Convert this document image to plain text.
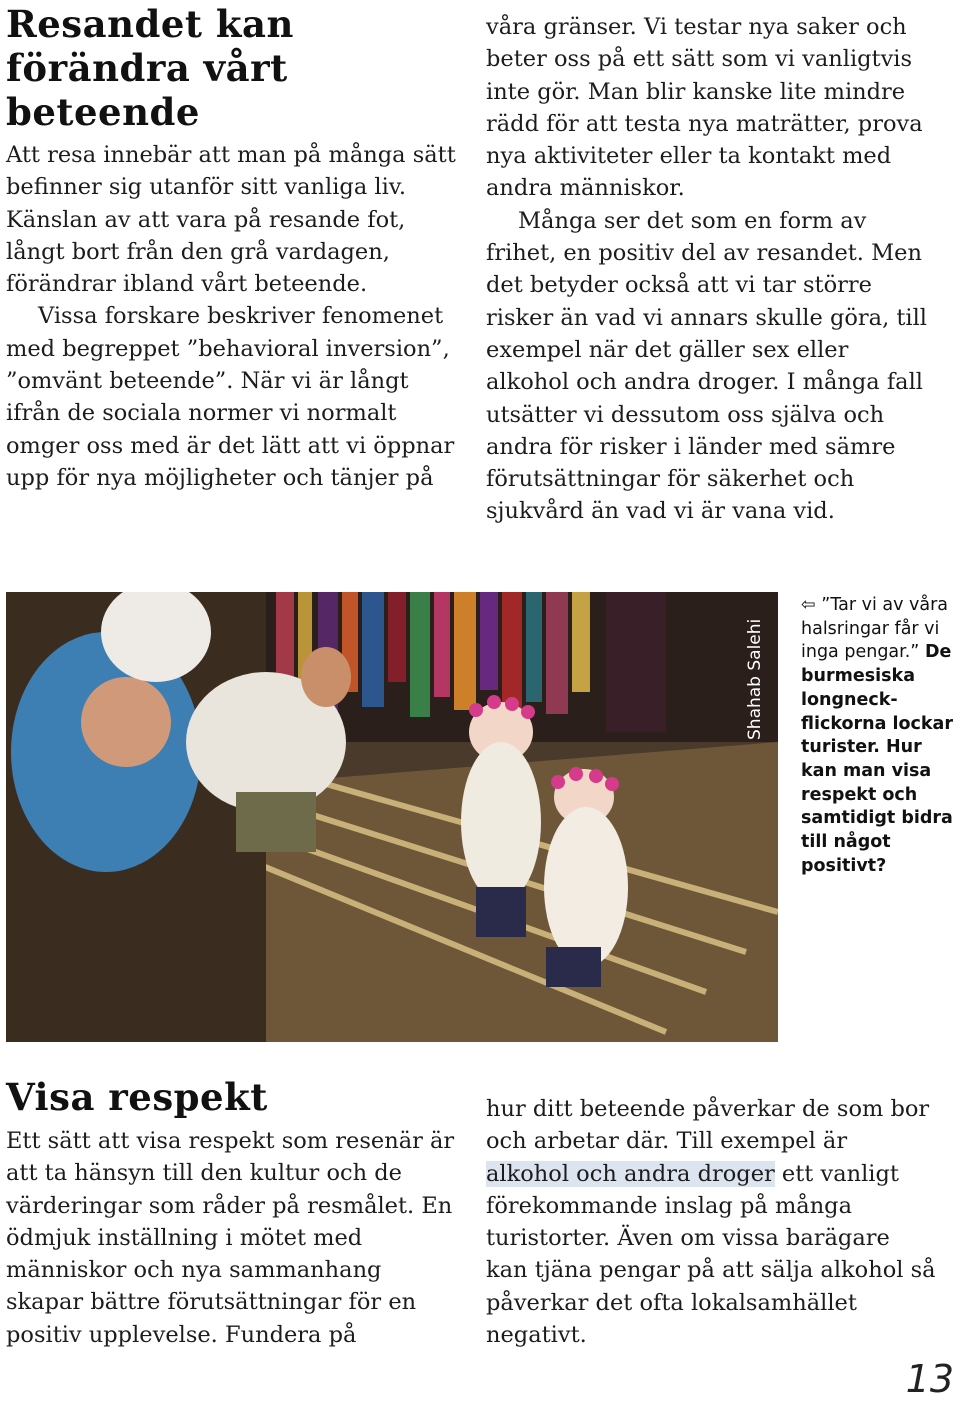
Resandet kan
förändra vårt
beteende

Att resa innebär att man på många sätt befinner sig utanför sitt vanliga liv. Känslan av att vara på resande fot, långt bort från den grå vardagen, förändrar ibland vårt beteende.

Vissa forskare beskriver fenomenet med begreppet ”behavioral inversion”, ”omvänt beteende”. När vi är långt ifrån de sociala normer vi normalt omger oss med är det lätt att vi öppnar upp för nya möjligheter och tänjer på

våra gränser. Vi testar nya saker och beter oss på ett sätt som vi vanligtvis inte gör. Man blir kanske lite mindre rädd för att testa nya maträtter, prova nya aktiviteter eller ta kontakt med andra människor.

Många ser det som en form av frihet, en positiv del av resandet. Men det betyder också att vi tar större risker än vad vi annars skulle göra, till exempel när det gäller sex eller alkohol och andra droger. I många fall utsätter vi dessutom oss själva och andra för risker i länder med sämre förutsättningar för säkerhet och sjukvård än vad vi är vana vid.

Shahab Salehi
⇦ ”Tar vi av våra halsringar får vi inga pengar.” De burmesiska longneck-flickorna lockar turister. Hur kan man visa respekt och samtidigt bidra till något positivt?
Visa respekt

Ett sätt att visa respekt som resenär är att ta hänsyn till den kultur och de värderingar som råder på resmålet. En ödmjuk inställning i mötet med människor och nya sammanhang skapar bättre förutsättningar för en positiv upplevelse. Fundera på

hur ditt beteende påverkar de som bor och arbetar där. Till exempel är alkohol och andra droger ett vanligt förekommande inslag på många turistorter. Även om vissa barägare kan tjäna pengar på att sälja alkohol så påverkar det ofta lokalsamhället negativt.

13
